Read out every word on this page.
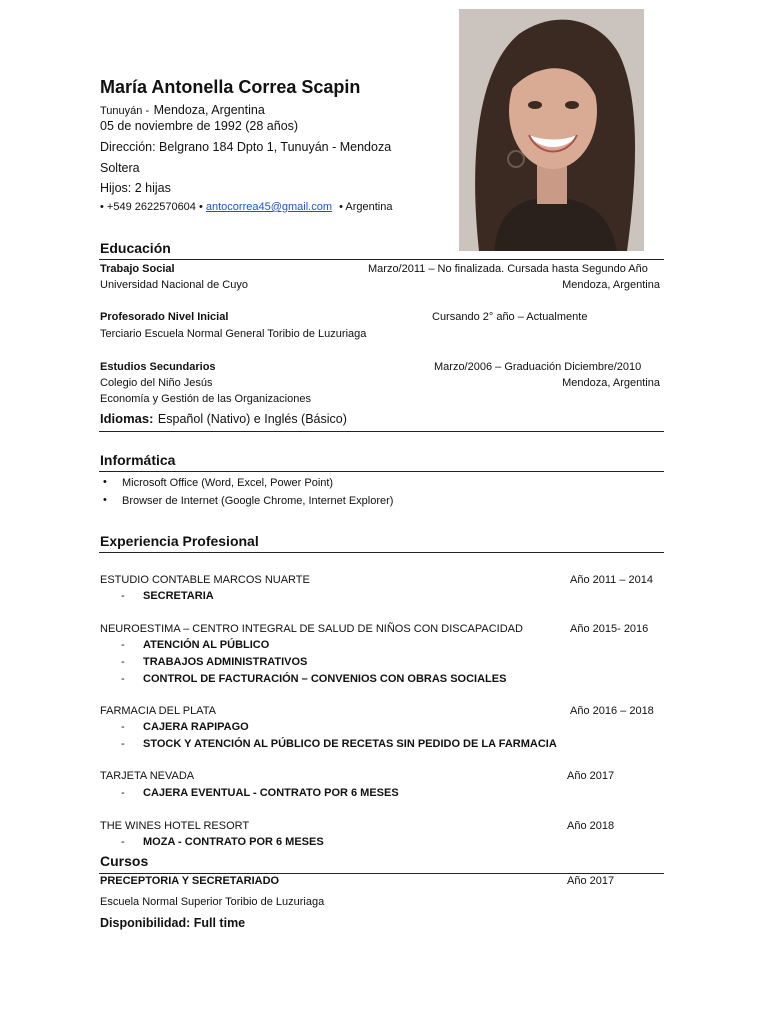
María Antonella Correa Scapin
Tunuyán - Mendoza, Argentina
05 de noviembre de 1992 (28 años)
Dirección: Belgrano 184 Dpto 1, Tunuyán - Mendoza
Soltera
Hijos: 2 hijas
• +549 2622570604 • antocorrea45@gmail.com • Argentina
Educación
Trabajo Social	Marzo/2011 – No finalizada. Cursada hasta Segundo Año
Universidad Nacional de Cuyo	Mendoza, Argentina
Profesorado Nivel Inicial	Cursando 2° año – Actualmente
Terciario Escuela Normal General Toribio de Luzuriaga
Estudios Secundarios	Marzo/2006 – Graduación Diciembre/2010
Colegio del Niño Jesús	Mendoza, Argentina
Economía y Gestión de las Organizaciones
Idiomas: Español (Nativo) e Inglés (Básico)
Informática
• Microsoft Office (Word, Excel, Power Point)
• Browser de Internet (Google Chrome, Internet Explorer)
Experiencia Profesional
ESTUDIO CONTABLE MARCOS NUARTE	Año 2011 – 2014
- SECRETARIA
NEUROESTIMA – CENTRO INTEGRAL DE SALUD DE NIÑOS CON DISCAPACIDAD	Año 2015- 2016
- ATENCIÓN AL PÚBLICO
- TRABAJOS ADMINISTRATIVOS
- CONTROL DE FACTURACIÓN – CONVENIOS CON OBRAS SOCIALES
FARMACIA DEL PLATA	Año 2016 – 2018
- CAJERA RAPIPAGO
- STOCK Y ATENCIÓN AL PÚBLICO DE RECETAS SIN PEDIDO DE LA FARMACIA
TARJETA NEVADA	Año 2017
- CAJERA EVENTUAL - CONTRATO POR 6 MESES
THE WINES HOTEL RESORT	Año 2018
- MOZA - CONTRATO POR 6 MESES
Cursos
PRECEPTORIA Y SECRETARIADO	Año 2017
Escuela Normal Superior Toribio de Luzuriaga
Disponibilidad: Full time
